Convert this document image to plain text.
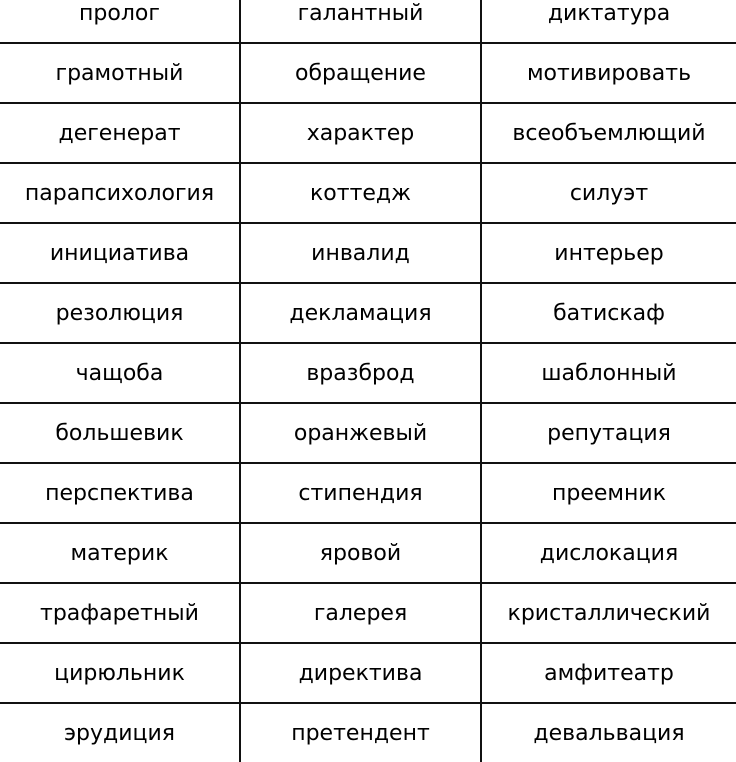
пролог	галантный	диктатура
грамотный	обращение	мотивировать
дегенерат	характер	всеобъемлющий
парапсихология	коттедж	силуэт
инициатива	инвалид	интерьер
резолюция	декламация	батискаф
чащоба	вразброд	шаблонный
большевик	оранжевый	репутация
перспектива	стипендия	преемник
материк	яровой	дислокация
трафаретный	галерея	кристаллический
цирюльник	директива	амфитеатр
эрудиция	претендент	девальвация
